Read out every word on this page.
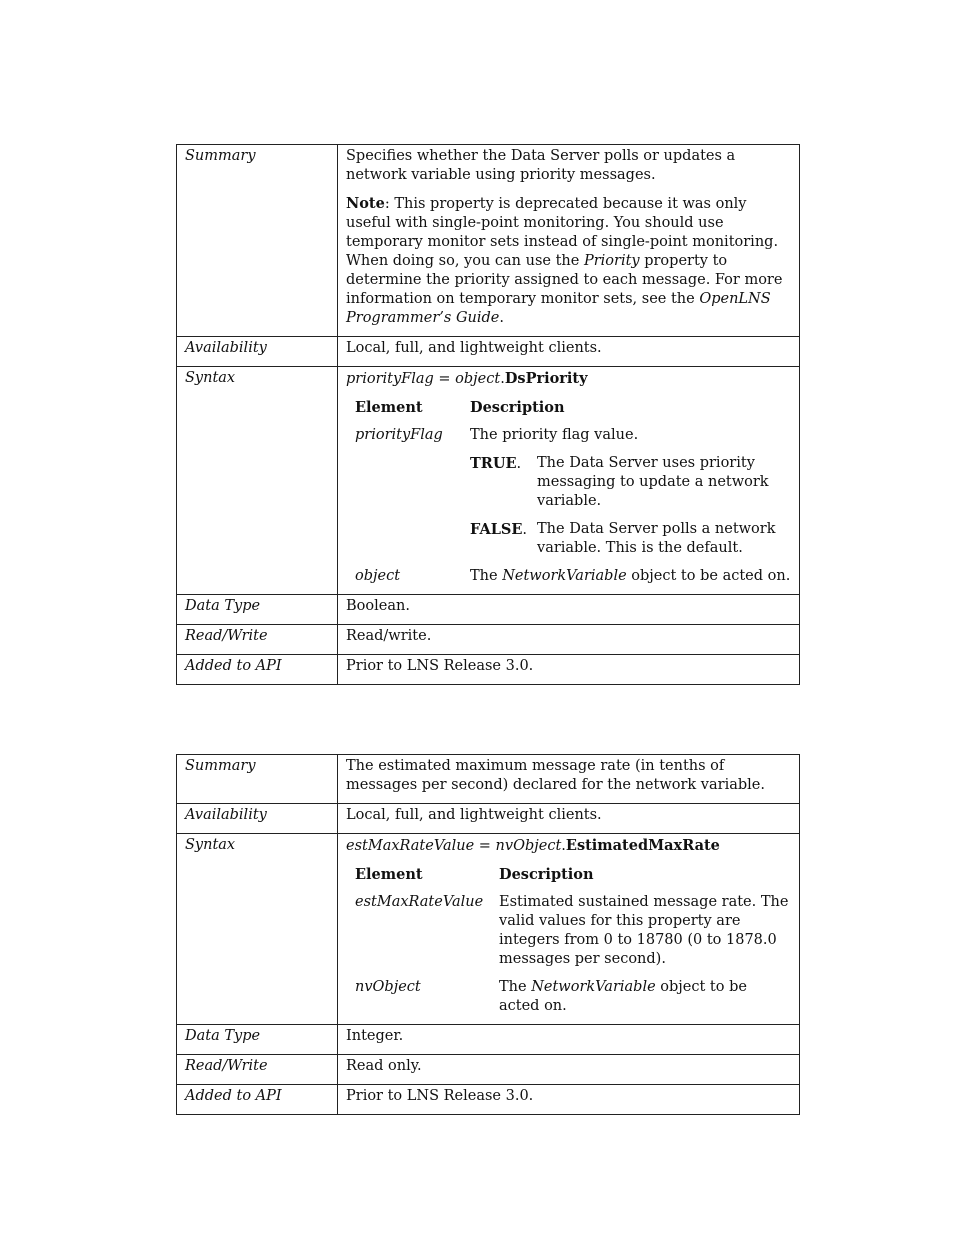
Summary	Specifies whether the Data Server polls or updates a network variable using priority messages.

Note: This property is deprecated because it was only useful with single-point monitoring. You should use temporary monitor sets instead of single-point monitoring. When doing so, you can use the Priority property to determine the priority assigned to each message. For more information on temporary monitor sets, see the OpenLNS Programmer’s Guide.

Availability	Local, full, and lightweight clients.

Syntax	priorityFlag = object.DsPriority
Element	Description
priorityFlag	The priority flag value.
TRUE.	The Data Server uses priority messaging to update a network variable.
FALSE. The Data Server polls a network variable. This is the default.

object	The NetworkVariable object to be acted on.

Data Type	Boolean.

Read/Write	Read/write.

Added to API	Prior to LNS Release 3.0.
Summary	The estimated maximum message rate (in tenths of messages per second) declared for the network variable.

Availability	Local, full, and lightweight clients.

Syntax	estMaxRateValue = nvObject.EstimatedMaxRate
Element	Description
estMaxRateValue	Estimated sustained message rate. The valid values for this property are integers from 0 to 18780 (0 to 1878.0 messages per second).
nvObject	The NetworkVariable object to be acted on.

Data Type	Integer.

Read/Write	Read only.

Added to API	Prior to LNS Release 3.0.
